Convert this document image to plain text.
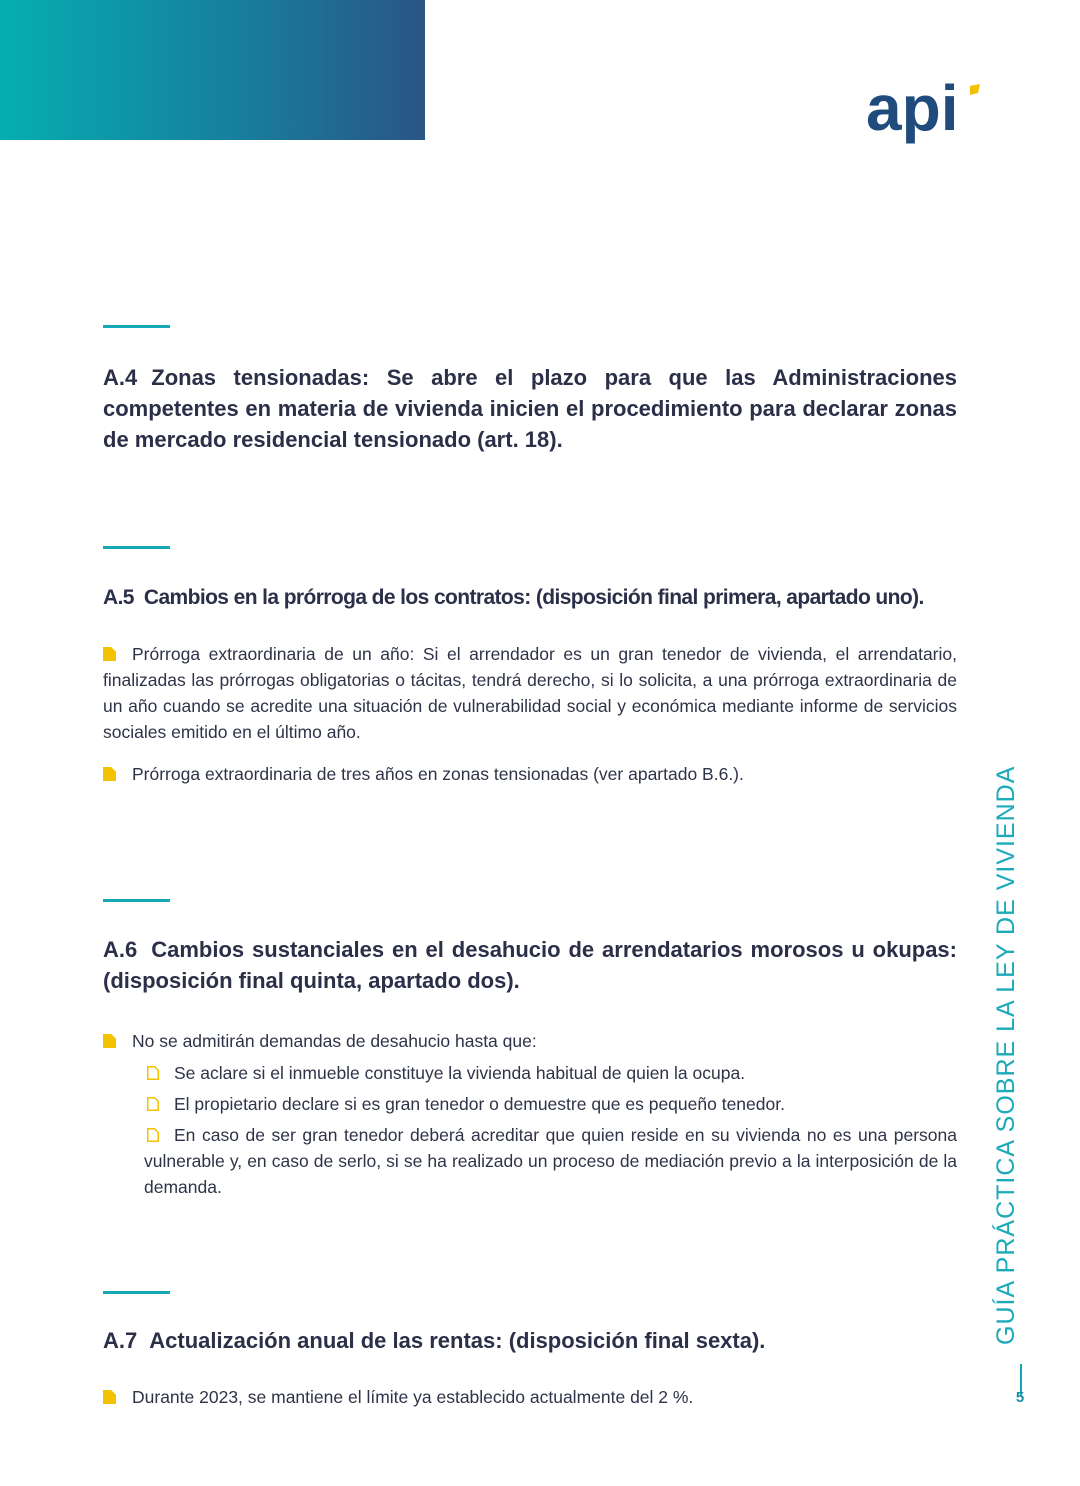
api
A.4 Zonas tensionadas: Se abre el plazo para que las Administraciones competentes en materia de vivienda inicien el procedimiento para declarar zonas de mercado residencial tensionado (art. 18).
A.5 Cambios en la prórroga de los contratos: (disposición final primera, apartado uno).
Prórroga extraordinaria de un año: Si el arrendador es un gran tenedor de vivienda, el arrendatario, finalizadas las prórrogas obligatorias o tácitas, tendrá derecho, si lo solicita, a una prórroga extraordinaria de un año cuando se acredite una situación de vulnerabilidad social y económica mediante informe de servicios sociales emitido en el último año.
Prórroga extraordinaria de tres años en zonas tensionadas (ver apartado B.6.).
A.6 Cambios sustanciales en el desahucio de arrendatarios morosos u okupas: (disposición final quinta, apartado dos).
No se admitirán demandas de desahucio hasta que:
Se aclare si el inmueble constituye la vivienda habitual de quien la ocupa.
El propietario declare si es gran tenedor o demuestre que es pequeño tenedor.
En caso de ser gran tenedor deberá acreditar que quien reside en su vivienda no es una persona vulnerable y, en caso de serlo, si se ha realizado un proceso de mediación previo a la interposición de la demanda.
A.7 Actualización anual de las rentas: (disposición final sexta).
Durante 2023, se mantiene el límite ya establecido actualmente del 2 %.
GUÍA PRÁCTICA SOBRE LA LEY DE VIVIENDA
5
